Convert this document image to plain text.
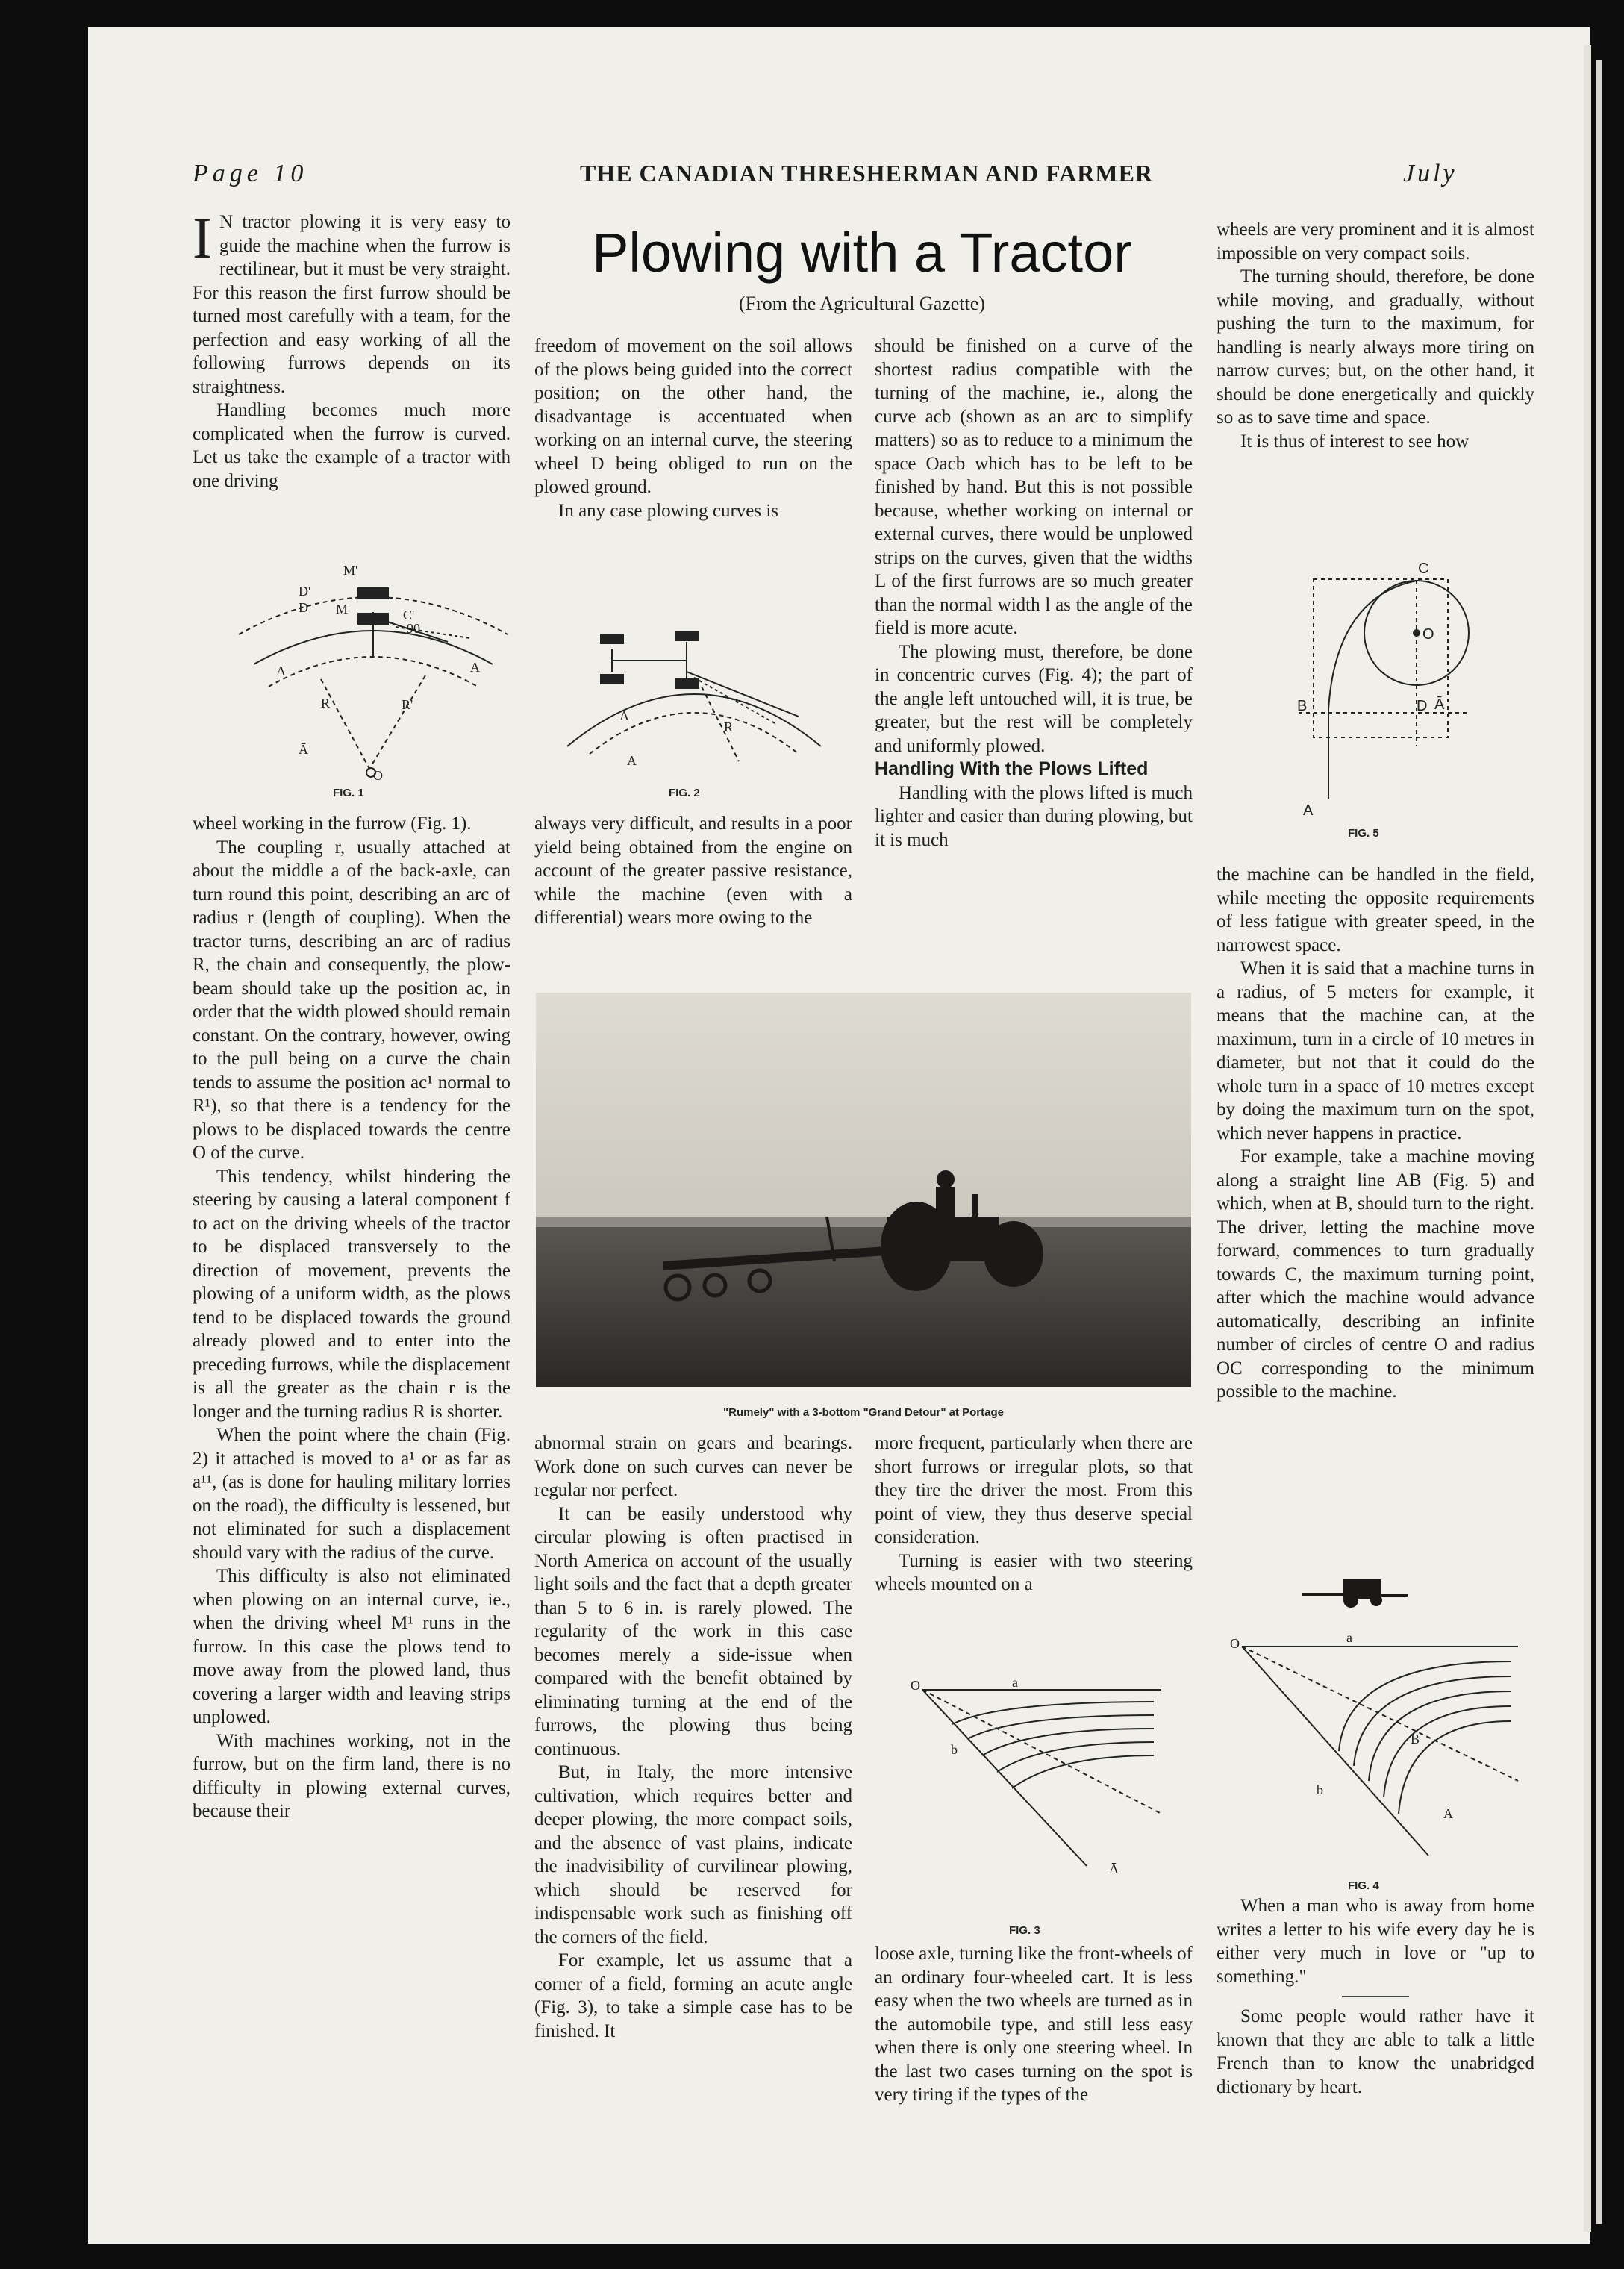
Page 10	THE CANADIAN THRESHERMAN AND FARMER	July
Plowing with a Tractor
(From the Agricultural Gazette)

I N tractor plowing it is very easy to guide the machine when the furrow is rectilinear, but it must be very straight. For this reason the first furrow should be turned most carefully with a team, for the perfection and easy working of all the following furrows depends on its straightness.

Handling becomes much more complicated when the furrow is curved. Let us take the example of a tractor with one driving

M'
D'
D M
90
C'
R	R'
A	A
O
Ā
FIG. 1

wheel working in the furrow (Fig. 1).

The coupling r, usually attached at about the middle a of the back-axle, can turn round this point, describing an arc of radius r (length of coupling). When the tractor turns, describing an arc of radius R, the chain and consequently, the plow-beam should take up the position ac, in order that the width plowed should remain constant. On the contrary, however, owing to the pull being on a curve the chain tends to assume the position ac¹ normal to R¹), so that there is a tendency for the plows to be displaced towards the centre O of the curve.

This tendency, whilst hindering the steering by causing a lateral component f to act on the driving wheels of the tractor to be displaced transversely to the direction of movement, prevents the plowing of a uniform width, as the plows tend to be displaced towards the ground already plowed and to enter into the preceding furrows, while the displacement is all the greater as the chain r is the longer and the turning radius R is shorter.

When the point where the chain (Fig. 2) it attached is moved to a¹ or as far as a¹¹, (as is done for hauling military lorries on the road), the difficulty is lessened, but not eliminated for such a displacement should vary with the radius of the curve.

This difficulty is also not eliminated when plowing on an internal curve, ie., when the driving wheel M¹ runs in the furrow. In this case the plows tend to move away from the plowed land, thus covering a larger width and leaving strips unplowed.

With machines working, not in the furrow, but on the firm land, there is no difficulty in plowing external curves, because their

freedom of movement on the soil allows of the plows being guided into the correct position; on the other hand, the disadvantage is accentuated when working on an internal curve, the steering wheel D being obliged to run on the plowed ground.

In any case plowing curves is

A
R
Ā
FIG. 2

always very difficult, and results in a poor yield being obtained from the engine on account of the greater passive resistance, while the machine (even with a differential) wears more owing to the

should be finished on a curve of the shortest radius compatible with the turning of the machine, ie., along the curve acb (shown as an arc to simplify matters) so as to reduce to a minimum the space Oacb which has to be left to be finished by hand. But this is not possible because, whether working on internal or external curves, there would be unplowed strips on the curves, given that the widths L of the first furrows are so much greater than the normal width l as the angle of the field is more acute.

The plowing must, therefore, be done in concentric curves (Fig. 4); the part of the angle left untouched will, it is true, be greater, but the rest will be completely and uniformly plowed.

Handling With the Plows Lifted

Handling with the plows lifted is much lighter and easier than during plowing, but it is much

"Rumely" with a 3-bottom "Grand Detour" at Portage

abnormal strain on gears and bearings. Work done on such curves can never be regular nor perfect.

It can be easily understood why circular plowing is often practised in North America on account of the usually light soils and the fact that a depth greater than 5 to 6 in. is rarely plowed. The regularity of the work in this case becomes merely a side-issue when compared with the benefit obtained by eliminating turning at the end of the furrows, the plowing thus being continuous.

But, in Italy, the more intensive cultivation, which requires better and deeper plowing, the more compact soils, and the absence of vast plains, indicate the inadvisibility of curvilinear plowing, which should be reserved for indispensable work such as finishing off the corners of the field.

For example, let us assume that a corner of a field, forming an acute angle (Fig. 3), to take a simple case has to be finished. It

more frequent, particularly when there are short furrows or irregular plots, so that they tire the driver the most. From this point of view, they thus deserve special consideration.

Turning is easier with two steering wheels mounted on a

O	a
b
Ā
FIG. 3

loose axle, turning like the front-wheels of an ordinary four-wheeled cart. It is less easy when the two wheels are turned as in the automobile type, and still less easy when there is only one steering wheel. In the last two cases turning on the spot is very tiring if the types of the

wheels are very prominent and it is almost impossible on very compact soils.

The turning should, therefore, be done while moving, and gradually, without pushing the turn to the maximum, for handling is nearly always more tiring on narrow curves; but, on the other hand, it should be done energetically and quickly so as to save time and space.

It is thus of interest to see how

C
O
B	D
A
Ā
FIG. 5

the machine can be handled in the field, while meeting the opposite requirements of less fatigue with greater speed, in the narrowest space.

When it is said that a machine turns in a radius, of 5 meters for example, it means that the machine can, at the maximum, turn in a circle of 10 metres in diameter, but not that it could do the whole turn in a space of 10 metres except by doing the maximum turn on the spot, which never happens in practice.

For example, take a machine moving along a straight line AB (Fig. 5) and which, when at B, should turn to the right. The driver, letting the machine move forward, commences to turn gradually towards C, the maximum turning point, after which the machine would advance automatically, describing an infinite number of circles of centre O and radius OC corresponding to the minimum possible to the machine.

O	a
b
B
Ā
FIG. 4

When a man who is away from home writes a letter to his wife every day he is either very much in love or "up to something."

Some people would rather have it known that they are able to talk a little French than to know the unabridged dictionary by heart.
